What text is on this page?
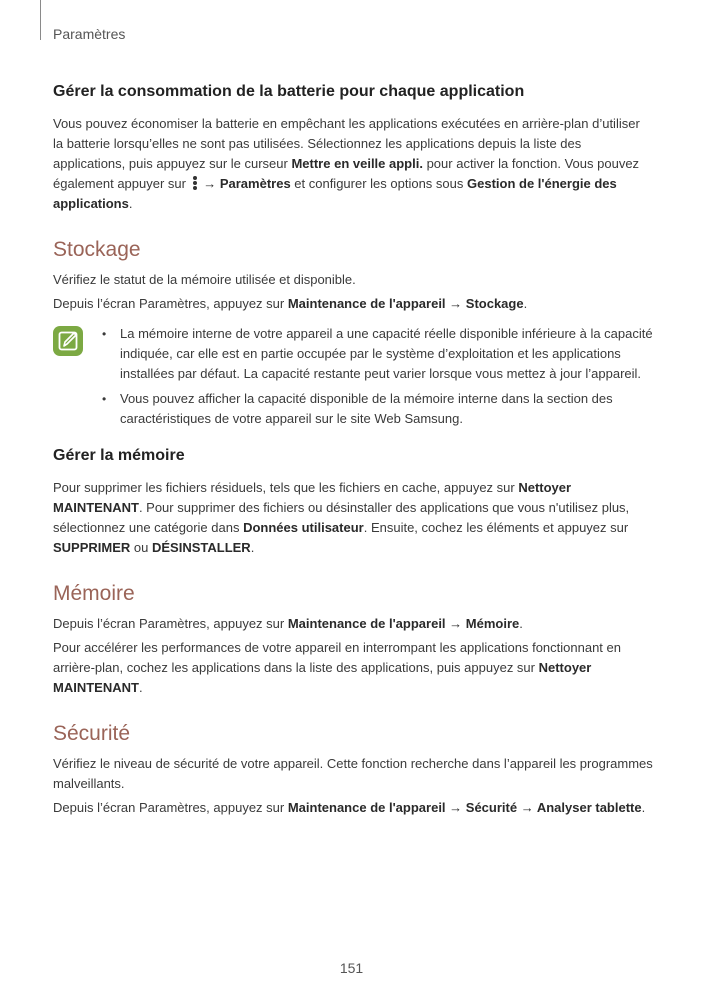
Paramètres
Gérer la consommation de la batterie pour chaque application

Vous pouvez économiser la batterie en empêchant les applications exécutées en arrière-plan d’utiliser la batterie lorsqu’elles ne sont pas utilisées. Sélectionnez les applications depuis la liste des applications, puis appuyez sur le curseur Mettre en veille appli. pour activer la fonction. Vous pouvez également appuyer sur
→ Paramètres et configurer les options sous Gestion de l'énergie des applications.

Stockage

Vérifiez le statut de la mémoire utilisée et disponible.

Depuis l’écran Paramètres, appuyez sur Maintenance de l'appareil → Stockage.

• La mémoire interne de votre appareil a une capacité réelle disponible inférieure à la capacité indiquée, car elle est en partie occupée par le système d’exploitation et les applications installées par défaut. La capacité restante peut varier lorsque vous mettez à jour l’appareil.
• Vous pouvez afficher la capacité disponible de la mémoire interne dans la section des caractéristiques de votre appareil sur le site Web Samsung.
Gérer la mémoire

Pour supprimer les fichiers résiduels, tels que les fichiers en cache, appuyez sur Nettoyer MAINTENANT. Pour supprimer des fichiers ou désinstaller des applications que vous n'utilisez plus, sélectionnez une catégorie dans Données utilisateur. Ensuite, cochez les éléments et appuyez sur SUPPRIMER ou DÉSINSTALLER.

Mémoire

Depuis l’écran Paramètres, appuyez sur Maintenance de l'appareil → Mémoire.

Pour accélérer les performances de votre appareil en interrompant les applications fonctionnant en arrière-plan, cochez les applications dans la liste des applications, puis appuyez sur Nettoyer MAINTENANT.

Sécurité

Vérifiez le niveau de sécurité de votre appareil. Cette fonction recherche dans l’appareil les programmes malveillants.

Depuis l’écran Paramètres, appuyez sur Maintenance de l'appareil → Sécurité → Analyser tablette.

151
